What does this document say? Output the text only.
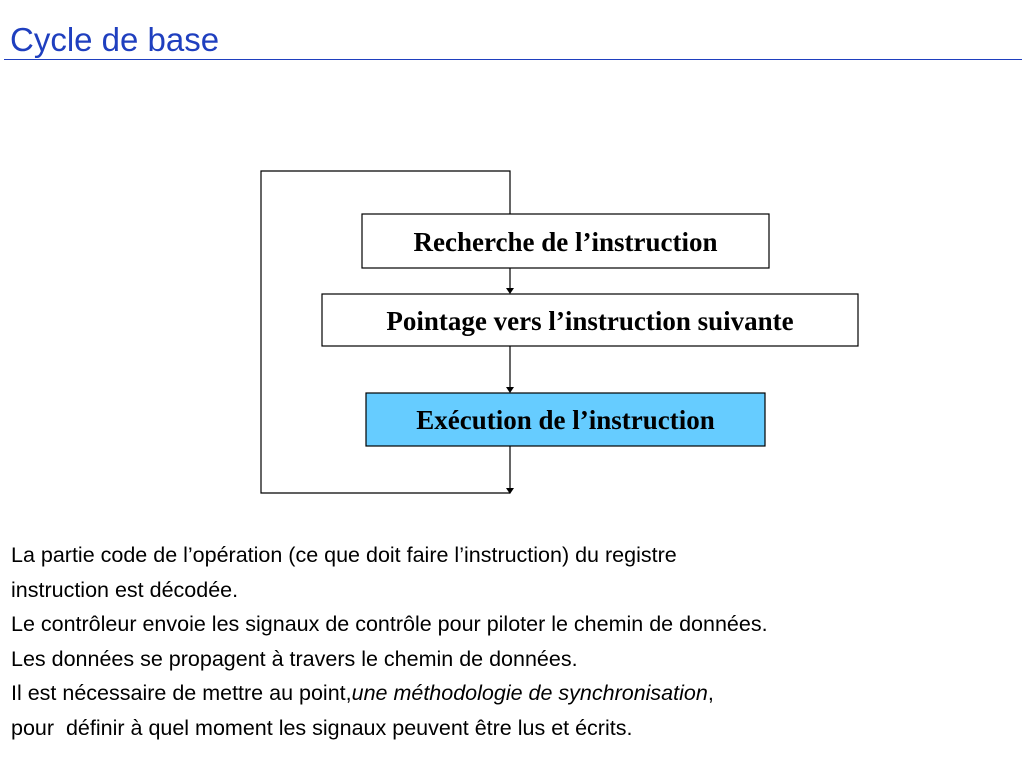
Cycle de base
Recherche de l’instruction
Pointage vers l’instruction suivante
Exécution de l’instruction

La partie code de l’opération (ce que doit faire l’instruction) du registre

instruction est décodée.

Le contrôleur envoie les signaux de contrôle pour piloter le chemin de données.

Les données se propagent à travers le chemin de données.

Il est nécessaire de mettre au point,une méthodologie de synchronisation,

pour  définir à quel moment les signaux peuvent être lus et écrits.
